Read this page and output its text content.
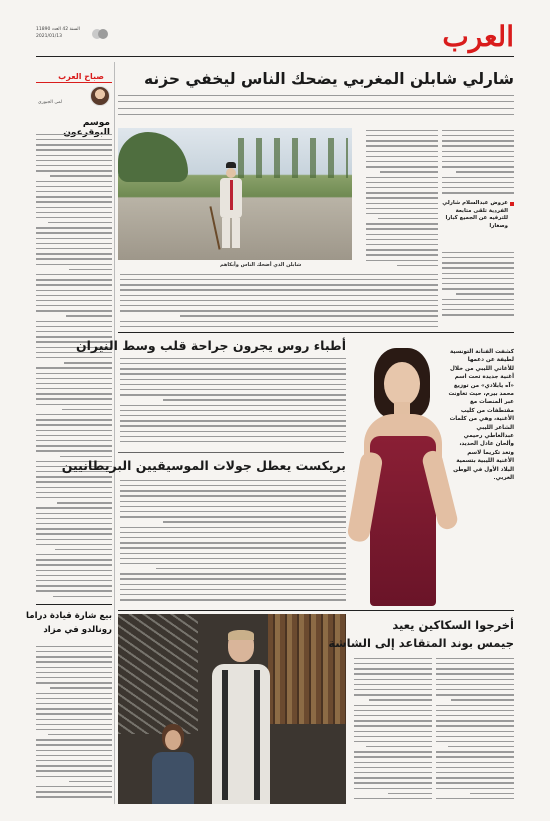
العرب
السنة 42 العدد 11890
2021/01/13
صباح العرب
لمى الجبوري
موسم
بيع شارة قيادة دراما
رونالدو في مزاد
شارلي شابلن المغربي يضحك الناس ليخفي حزنه
شابلن الذي أضحك الناس وأبكاهم
عروض عبدالسلام شارلي الفردية تلقى متابعة للترفيه عن الجميع كبارا وصغارا
أطباء روس يجرون جراحة قلب وسط النيران
بريكست يعطل جولات الموسيقيين البريطانيين
كشفت الفنانة التونسية لطيفة عن دعمها للأغاني الليبي من خلال أغنية جديدة تحت اسم «آه يابلادي» من توزيع محمد بيرم، حيث تعاونت عبر المنصات مع مقتطفات من كليب الأغنية، وهي من كلمات الشاعر الليبي عبدالعاطي رحيمي وألحان عادل الحديد، وتعد تكريما لاسم الأغنية الليبية بتسمية البلاد الأول في الوطن العربي.
أخرجوا السكاكين يعيد
جيمس بوند المتقاعد إلى الشاشة
